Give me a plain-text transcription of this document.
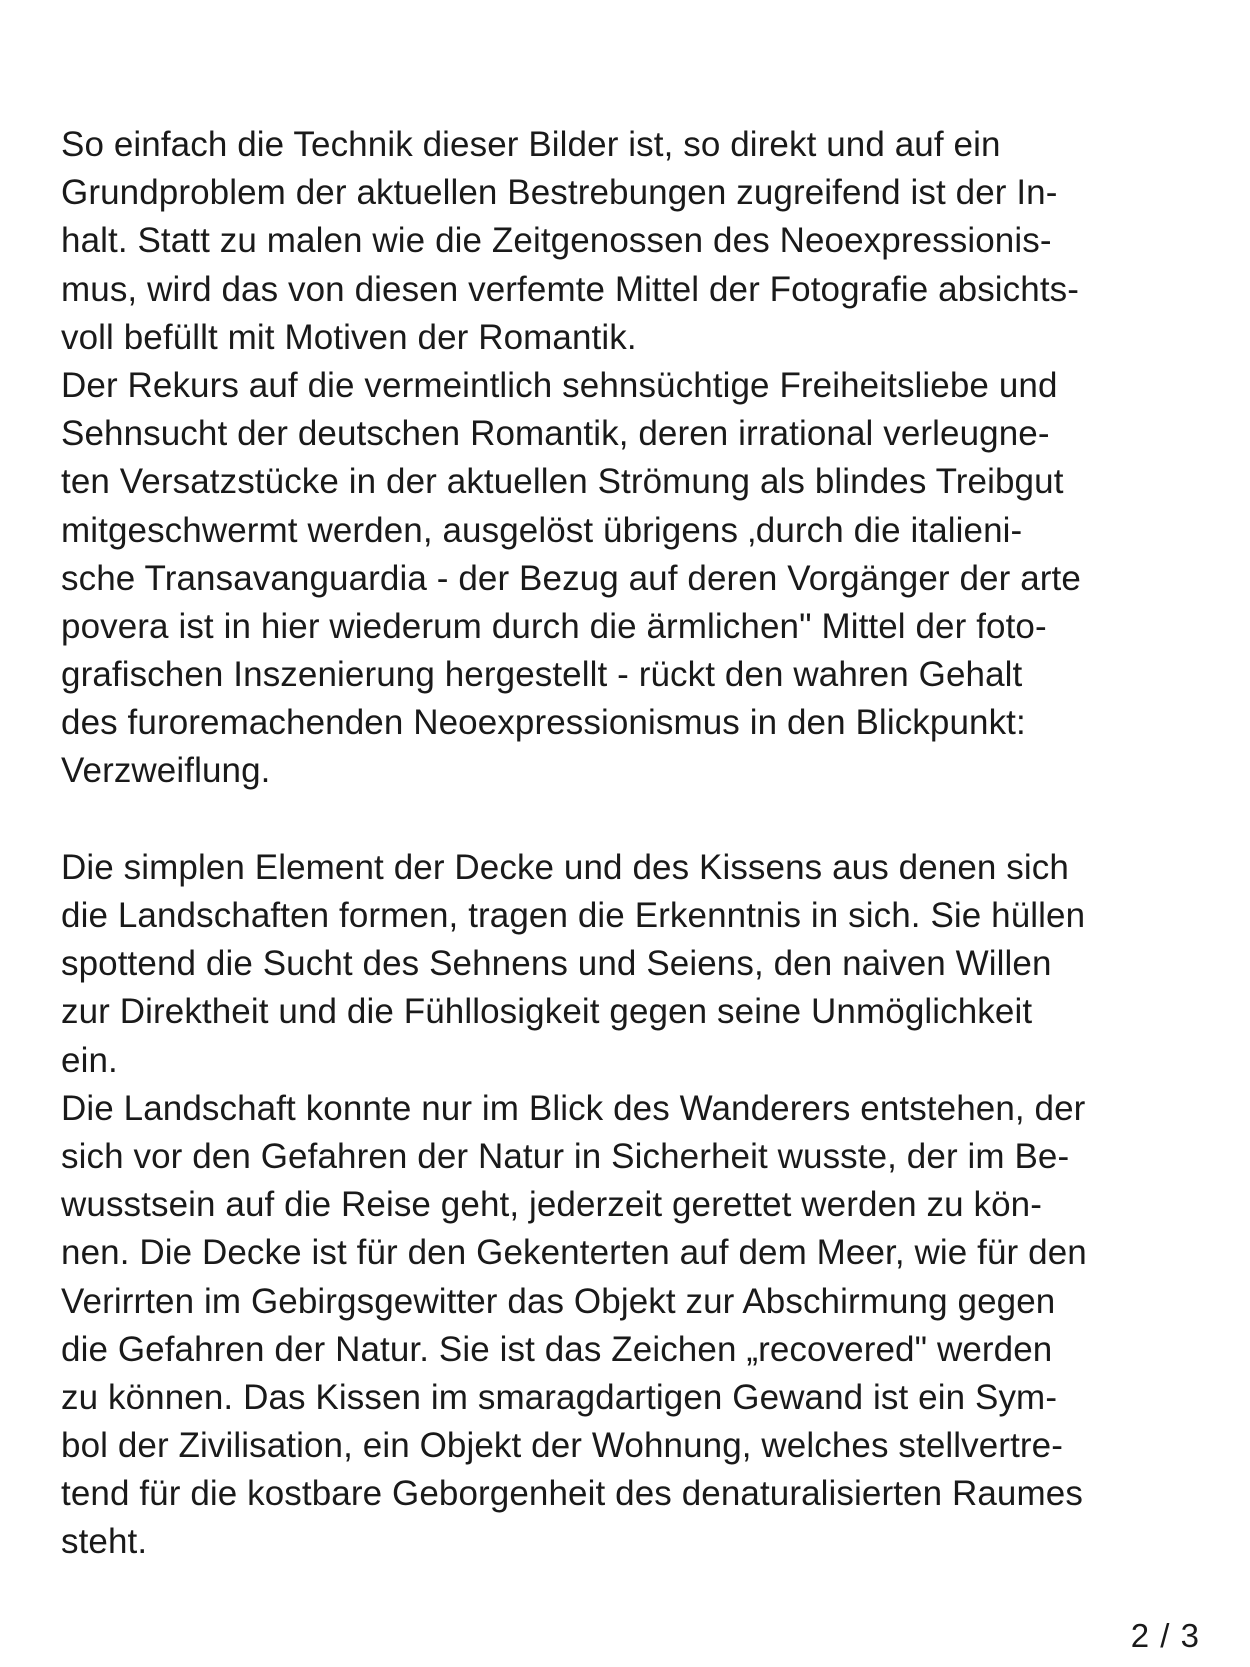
So einfach die Technik dieser Bilder ist, so direkt und auf ein
Grundproblem der aktuellen Bestrebungen zugreifend ist der In-
halt. Statt zu malen wie die Zeitgenossen des Neoexpressionis-
mus, wird das von diesen verfemte Mittel der Fotografie absichts-
voll befüllt mit Motiven der Romantik.
Der Rekurs auf die vermeintlich sehnsüchtige Freiheitsliebe und
Sehnsucht der deutschen Romantik, deren irrational verleugne-
ten Versatzstücke in der aktuellen Strömung als blindes Treibgut
mitgeschwermt werden, ausgelöst übrigens ‚durch die italieni-
sche Transavanguardia - der Bezug auf deren Vorgänger der arte
povera ist in hier wiederum durch die ärmlichen" Mittel der foto-
grafischen Inszenierung hergestellt - rückt den wahren Gehalt
des furoremachenden Neoexpressionismus in den Blickpunkt:
Verzweiflung.
Die simplen Element der Decke und des Kissens aus denen sich
die Landschaften formen, tragen die Erkenntnis in sich. Sie hüllen
spottend die Sucht des Sehnens und Seiens, den naiven Willen
zur Direktheit und die Fühllosigkeit gegen seine Unmöglichkeit
ein.
Die Landschaft konnte nur im Blick des Wanderers entstehen, der
sich vor den Gefahren der Natur in Sicherheit wusste, der im Be-
wusstsein auf die Reise geht, jederzeit gerettet werden zu kön-
nen. Die Decke ist für den Gekenterten auf dem Meer, wie für den
Verirrten im Gebirgsgewitter das Objekt zur Abschirmung gegen
die Gefahren der Natur. Sie ist das Zeichen „recovered" werden
zu können. Das Kissen im smaragdartigen Gewand ist ein Sym-
bol der Zivilisation, ein Objekt der Wohnung, welches stellvertre-
tend für die kostbare Geborgenheit des denaturalisierten Raumes
steht.
2 / 3
